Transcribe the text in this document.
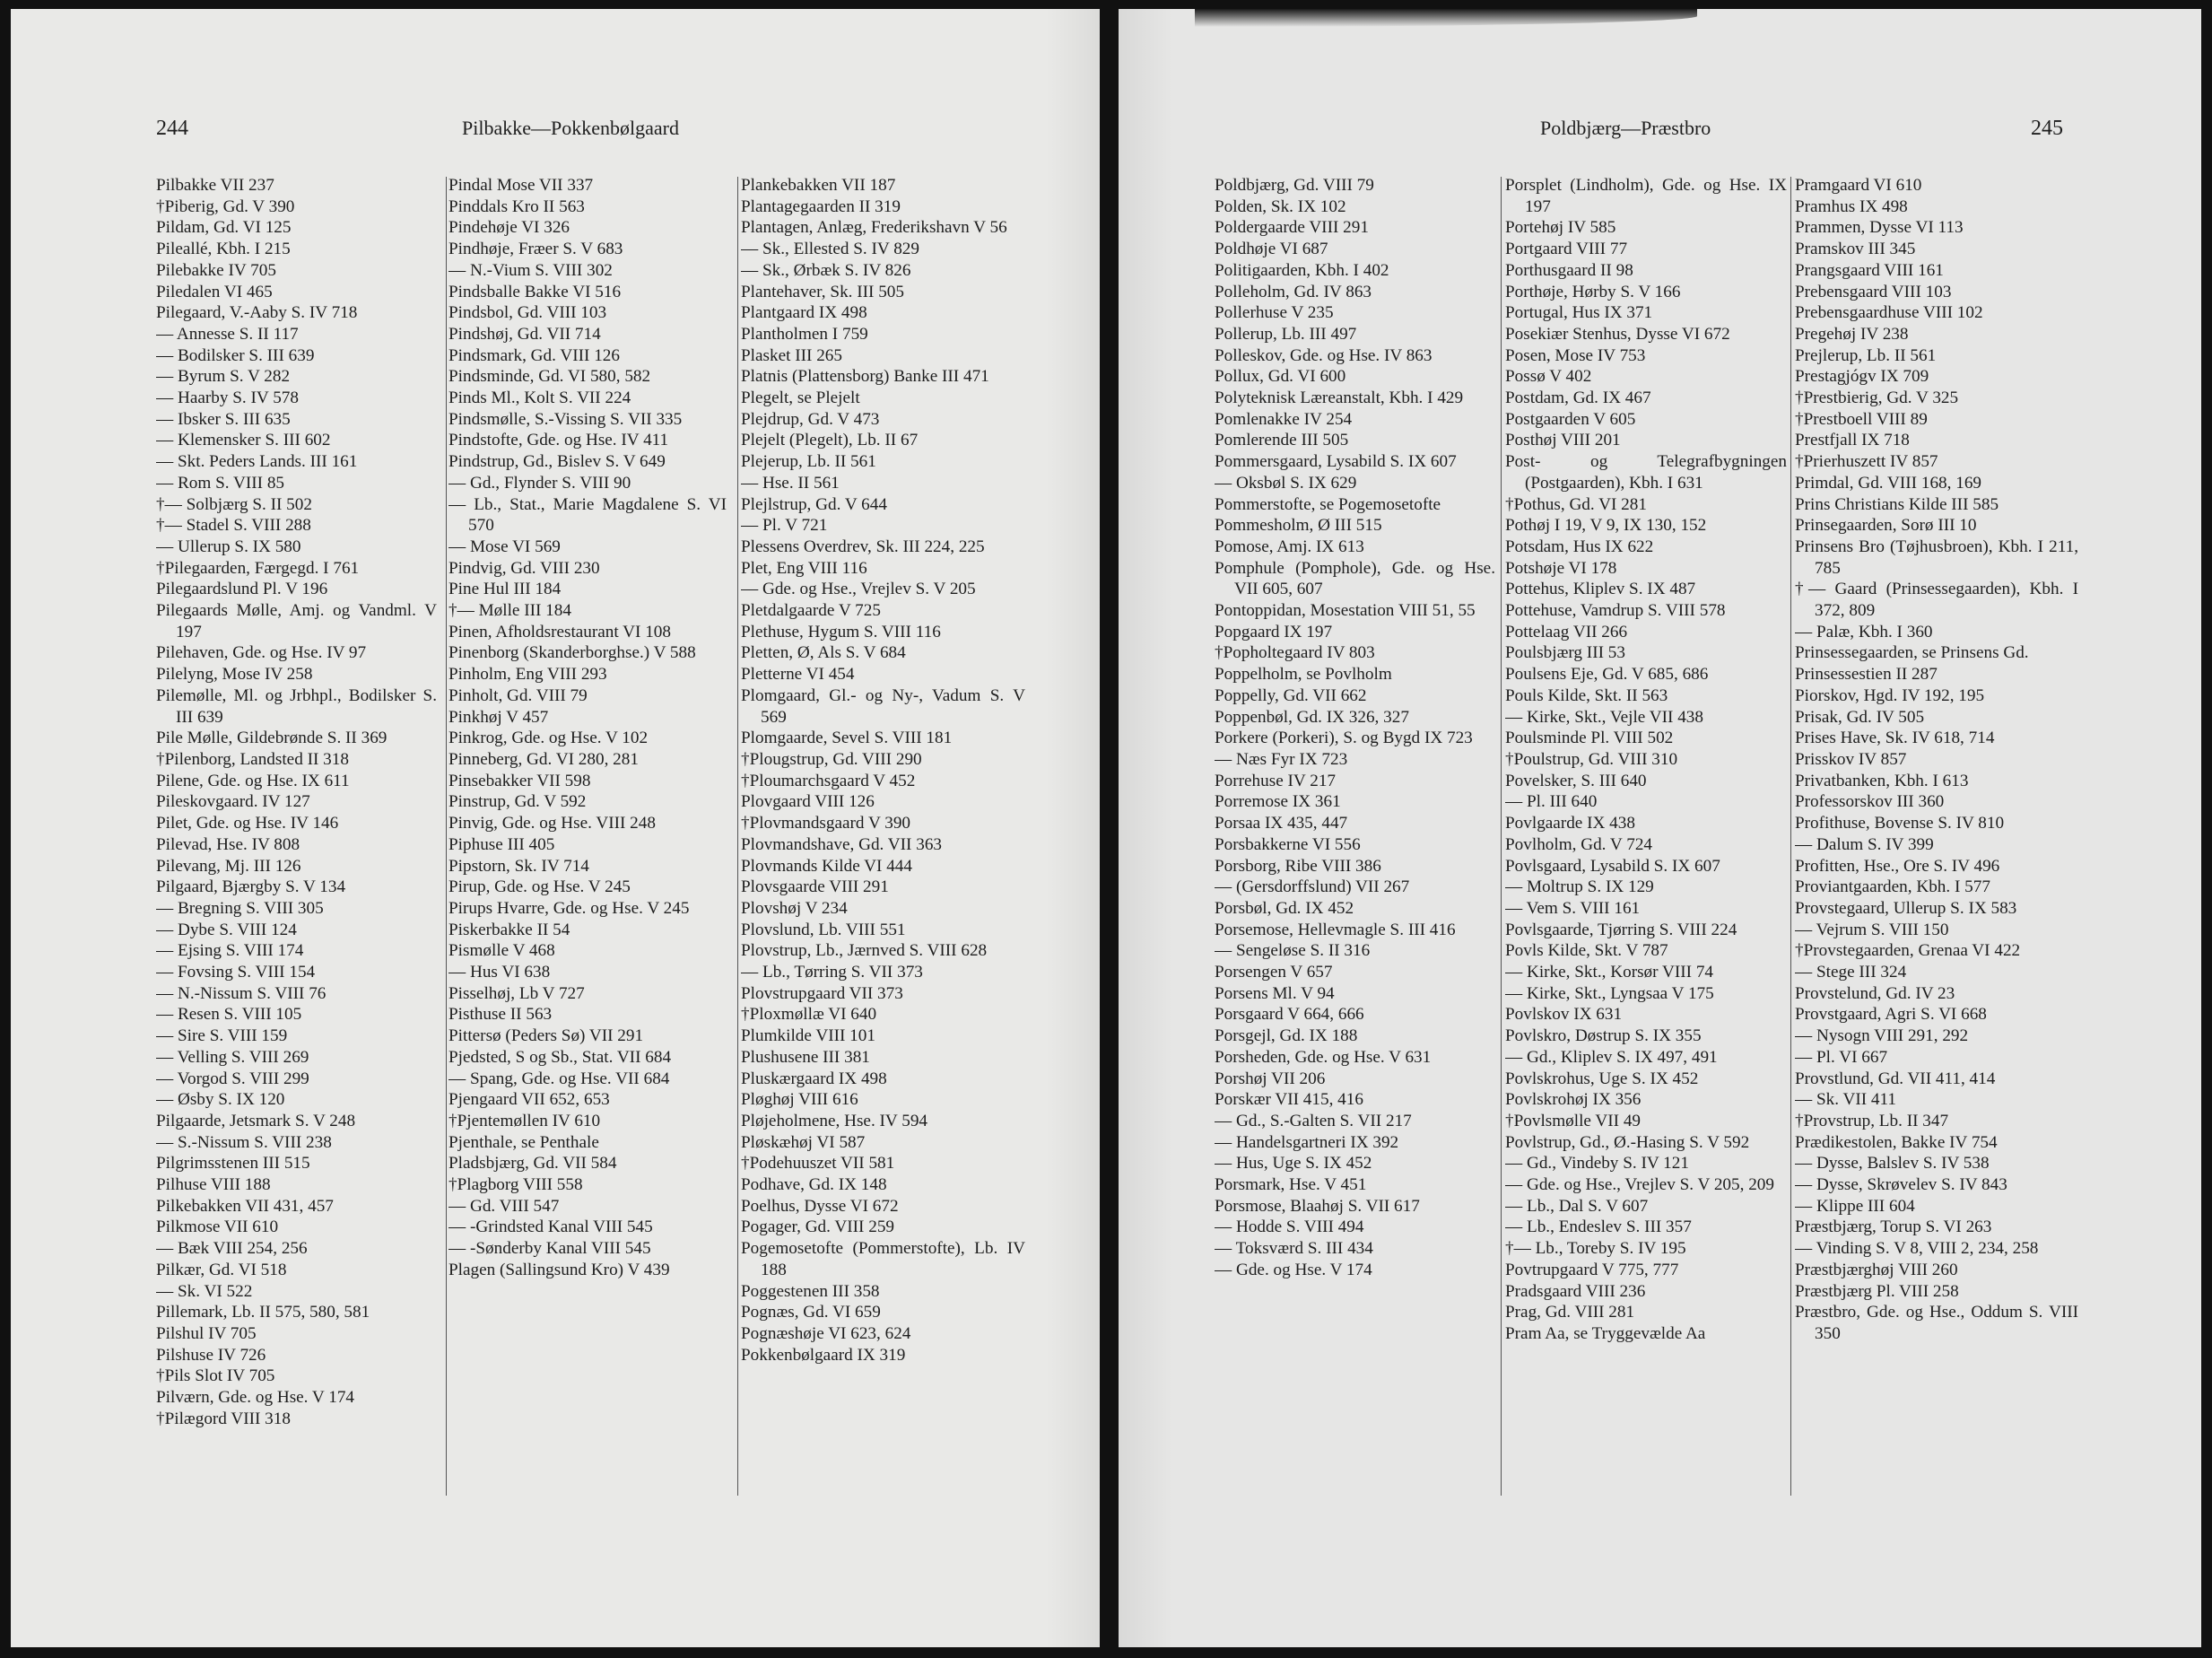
244	Pilbakke—Pokkenbølgaard

Pilbakke VII 237

†Piberig, Gd. V 390

Pildam, Gd. VI 125

Pileallé, Kbh. I 215

Pilebakke IV 705

Piledalen VI 465

Pilegaard, V.-Aaby S. IV 718

— Annesse S. II 117

— Bodilsker S. III 639

— Byrum S. V 282

— Haarby S. IV 578

— Ibsker S. III 635

— Klemensker S. III 602

— Skt. Peders Lands. III 161

— Rom S. VIII 85

†— Solbjærg S. II 502

†— Stadel S. VIII 288

— Ullerup S. IX 580

†Pilegaarden, Færgegd. I 761

Pilegaardslund Pl. V 196

Pilegaards Mølle, Amj. og Vandml. V 197

Pilehaven, Gde. og Hse. IV 97

Pilelyng, Mose IV 258

Pilemølle, Ml. og Jrbhpl., Bodilsker S. III 639

Pile Mølle, Gildebrønde S. II 369

†Pilenborg, Landsted II 318

Pilene, Gde. og Hse. IX 611

Pileskovgaard. IV 127

Pilet, Gde. og Hse. IV 146

Pilevad, Hse. IV 808

Pilevang, Mj. III 126

Pilgaard, Bjærgby S. V 134

— Bregning S. VIII 305

— Dybe S. VIII 124

— Ejsing S. VIII 174

— Fovsing S. VIII 154

— N.-Nissum S. VIII 76

— Resen S. VIII 105

— Sire S. VIII 159

— Velling S. VIII 269

— Vorgod S. VIII 299

— Øsby S. IX 120

Pilgaarde, Jetsmark S. V 248

— S.-Nissum S. VIII 238

Pilgrimsstenen III 515

Pilhuse VIII 188

Pilkebakken VII 431, 457

Pilkmose VII 610

— Bæk VIII 254, 256

Pilkær, Gd. VI 518

— Sk. VI 522

Pillemark, Lb. II 575, 580, 581

Pilshul IV 705

Pilshuse IV 726

†Pils Slot IV 705

Pilværn, Gde. og Hse. V 174

†Pilægord VIII 318

Pindal Mose VII 337

Pinddals Kro II 563

Pindehøje VI 326

Pindhøje, Fræer S. V 683

— N.-Vium S. VIII 302

Pindsballe Bakke VI 516

Pindsbol, Gd. VIII 103

Pindshøj, Gd. VII 714

Pindsmark, Gd. VIII 126

Pindsminde, Gd. VI 580, 582

Pinds Ml., Kolt S. VII 224

Pindsmølle, S.-Vissing S. VII 335

Pindstofte, Gde. og Hse. IV 411

Pindstrup, Gd., Bislev S. V 649

— Gd., Flynder S. VIII 90

— Lb., Stat., Marie Magdalene S. VI 570

— Mose VI 569

Pindvig, Gd. VIII 230

Pine Hul III 184

†— Mølle III 184

Pinen, Afholdsrestaurant VI 108

Pinenborg (Skanderborghse.) V 588

Pinholm, Eng VIII 293

Pinholt, Gd. VIII 79

Pinkhøj V 457

Pinkrog, Gde. og Hse. V 102

Pinneberg, Gd. VI 280, 281

Pinsebakker VII 598

Pinstrup, Gd. V 592

Pinvig, Gde. og Hse. VIII 248

Piphuse III 405

Pipstorn, Sk. IV 714

Pirup, Gde. og Hse. V 245

Pirups Hvarre, Gde. og Hse. V 245

Piskerbakke II 54

Pismølle V 468

— Hus VI 638

Pisselhøj, Lb V 727

Pisthuse II 563

Pittersø (Peders Sø) VII 291

Pjedsted, S og Sb., Stat. VII 684

— Spang, Gde. og Hse. VII 684

Pjengaard VII 652, 653

†Pjentemøllen IV 610

Pjenthale, se Penthale

Pladsbjærg, Gd. VII 584

†Plagborg VIII 558

— Gd. VIII 547

— -Grindsted Kanal VIII 545

— -Sønderby Kanal VIII 545

Plagen (Sallingsund Kro) V 439

Plankebakken VII 187

Plantagegaarden II 319

Plantagen, Anlæg, Frederikshavn V 56

— Sk., Ellested S. IV 829

— Sk., Ørbæk S. IV 826

Plantehaver, Sk. III 505

Plantgaard IX 498

Plantholmen I 759

Plasket III 265

Platnis (Plattensborg) Banke III 471

Plegelt, se Plejelt

Plejdrup, Gd. V 473

Plejelt (Plegelt), Lb. II 67

Plejerup, Lb. II 561

— Hse. II 561

Plejlstrup, Gd. V 644

— Pl. V 721

Plessens Overdrev, Sk. III 224, 225

Plet, Eng VIII 116

— Gde. og Hse., Vrejlev S. V 205

Pletdalgaarde V 725

Plethuse, Hygum S. VIII 116

Pletten, Ø, Als S. V 684

Pletterne VI 454

Plomgaard, Gl.- og Ny-, Vadum S. V 569

Plomgaarde, Sevel S. VIII 181

†Plougstrup, Gd. VIII 290

†Ploumarchsgaard V 452

Plovgaard VIII 126

†Plovmandsgaard V 390

Plovmandshave, Gd. VII 363

Plovmands Kilde VI 444

Plovsgaarde VIII 291

Plovshøj V 234

Plovslund, Lb. VIII 551

Plovstrup, Lb., Jærnved S. VIII 628

— Lb., Tørring S. VII 373

Plovstrupgaard VII 373

†Ploxmøllæ VI 640

Plumkilde VIII 101

Plushusene III 381

Pluskærgaard IX 498

Pløghøj VIII 616

Pløjeholmene, Hse. IV 594

Pløskæhøj VI 587

†Podehuuszet VII 581

Podhave, Gd. IX 148

Poelhus, Dysse VI 672

Pogager, Gd. VIII 259

Pogemosetofte (Pommerstofte), Lb. IV 188

Poggestenen III 358

Pognæs, Gd. VI 659

Pognæshøje VI 623, 624

Pokkenbølgaard IX 319

Poldbjærg—Præstbro	245

Poldbjærg, Gd. VIII 79

Polden, Sk. IX 102

Poldergaarde VIII 291

Poldhøje VI 687

Politigaarden, Kbh. I 402

Polleholm, Gd. IV 863

Pollerhuse V 235

Pollerup, Lb. III 497

Polleskov, Gde. og Hse. IV 863

Pollux, Gd. VI 600

Polyteknisk Læreanstalt, Kbh. I 429

Pomlenakke IV 254

Pomlerende III 505

Pommersgaard, Lysabild S. IX 607

— Oksbøl S. IX 629

Pommerstofte, se Pogemosetofte

Pommesholm, Ø III 515

Pomose, Amj. IX 613

Pomphule (Pomphole), Gde. og Hse. VII 605, 607

Pontoppidan, Mosestation VIII 51, 55

Popgaard IX 197

†Popholtegaard IV 803

Poppelholm, se Povlholm

Poppelly, Gd. VII 662

Poppenbøl, Gd. IX 326, 327

Porkere (Porkeri), S. og Bygd IX 723

— Næs Fyr IX 723

Porrehuse IV 217

Porremose IX 361

Porsaa IX 435, 447

Porsbakkerne VI 556

Porsborg, Ribe VIII 386

— (Gersdorffslund) VII 267

Porsbøl, Gd. IX 452

Porsemose, Hellevmagle S. III 416

— Sengeløse S. II 316

Porsengen V 657

Porsens Ml. V 94

Porsgaard V 664, 666

Porsgejl, Gd. IX 188

Porsheden, Gde. og Hse. V 631

Porshøj VII 206

Porskær VII 415, 416

— Gd., S.-Galten S. VII 217

— Handelsgartneri IX 392

— Hus, Uge S. IX 452

Porsmark, Hse. V 451

Porsmose, Blaahøj S. VII 617

— Hodde S. VIII 494

— Toksværd S. III 434

— Gde. og Hse. V 174

Porsplet (Lindholm), Gde. og Hse. IX 197

Portehøj IV 585

Portgaard VIII 77

Porthusgaard II 98

Porthøje, Hørby S. V 166

Portugal, Hus IX 371

Posekiær Stenhus, Dysse VI 672

Posen, Mose IV 753

Possø V 402

Postdam, Gd. IX 467

Postgaarden V 605

Posthøj VIII 201

Post- og Telegrafbygningen (Postgaarden), Kbh. I 631

†Pothus, Gd. VI 281

Pothøj I 19, V 9, IX 130, 152

Potsdam, Hus IX 622

Potshøje VI 178

Pottehus, Kliplev S. IX 487

Pottehuse, Vamdrup S. VIII 578

Pottelaag VII 266

Poulsbjærg III 53

Poulsens Eje, Gd. V 685, 686

Pouls Kilde, Skt. II 563

— Kirke, Skt., Vejle VII 438

Poulsminde Pl. VIII 502

†Poulstrup, Gd. VIII 310

Povelsker, S. III 640

— Pl. III 640

Povlgaarde IX 438

Povlholm, Gd. V 724

Povlsgaard, Lysabild S. IX 607

— Moltrup S. IX 129

— Vem S. VIII 161

Povlsgaarde, Tjørring S. VIII 224

Povls Kilde, Skt. V 787

— Kirke, Skt., Korsør VIII 74

— Kirke, Skt., Lyngsaa V 175

Povlskov IX 631

Povlskro, Døstrup S. IX 355

— Gd., Kliplev S. IX 497, 491

Povlskrohus, Uge S. IX 452

Povlskrohøj IX 356

†Povlsmølle VII 49

Povlstrup, Gd., Ø.-Hasing S. V 592

— Gd., Vindeby S. IV 121

— Gde. og Hse., Vrejlev S. V 205, 209

— Lb., Dal S. V 607

— Lb., Endeslev S. III 357

†— Lb., Toreby S. IV 195

Povtrupgaard V 775, 777

Pradsgaard VIII 236

Prag, Gd. VIII 281

Pram Aa, se Tryggevælde Aa

Pramgaard VI 610

Pramhus IX 498

Prammen, Dysse VI 113

Pramskov III 345

Prangsgaard VIII 161

Prebensgaard VIII 103

Prebensgaardhuse VIII 102

Pregehøj IV 238

Prejlerup, Lb. II 561

Prestagjógv IX 709

†Prestbierig, Gd. V 325

†Prestboell VIII 89

Prestfjall IX 718

†Prierhuszett IV 857

Primdal, Gd. VIII 168, 169

Prins Christians Kilde III 585

Prinsegaarden, Sorø III 10

Prinsens Bro (Tøjhusbroen), Kbh. I 211, 785

†— Gaard (Prinsessegaarden), Kbh. I 372, 809

— Palæ, Kbh. I 360

Prinsessegaarden, se Prinsens Gd.

Prinsessestien II 287

Piorskov, Hgd. IV 192, 195

Prisak, Gd. IV 505

Prises Have, Sk. IV 618, 714

Prisskov IV 857

Privatbanken, Kbh. I 613

Professorskov III 360

Profithuse, Bovense S. IV 810

— Dalum S. IV 399

Profitten, Hse., Ore S. IV 496

Proviantgaarden, Kbh. I 577

Provstegaard, Ullerup S. IX 583

— Vejrum S. VIII 150

†Provstegaarden, Grenaa VI 422

— Stege III 324

Provstelund, Gd. IV 23

Provstgaard, Agri S. VI 668

— Nysogn VIII 291, 292

— Pl. VI 667

Provstlund, Gd. VII 411, 414

— Sk. VII 411

†Provstrup, Lb. II 347

Prædikestolen, Bakke IV 754

— Dysse, Balslev S. IV 538

— Dysse, Skrøvelev S. IV 843

— Klippe III 604

Præstbjærg, Torup S. VI 263

— Vinding S. V 8, VIII 2, 234, 258

Præstbjærghøj VIII 260

Præstbjærg Pl. VIII 258

Præstbro, Gde. og Hse., Oddum S. VIII 350
